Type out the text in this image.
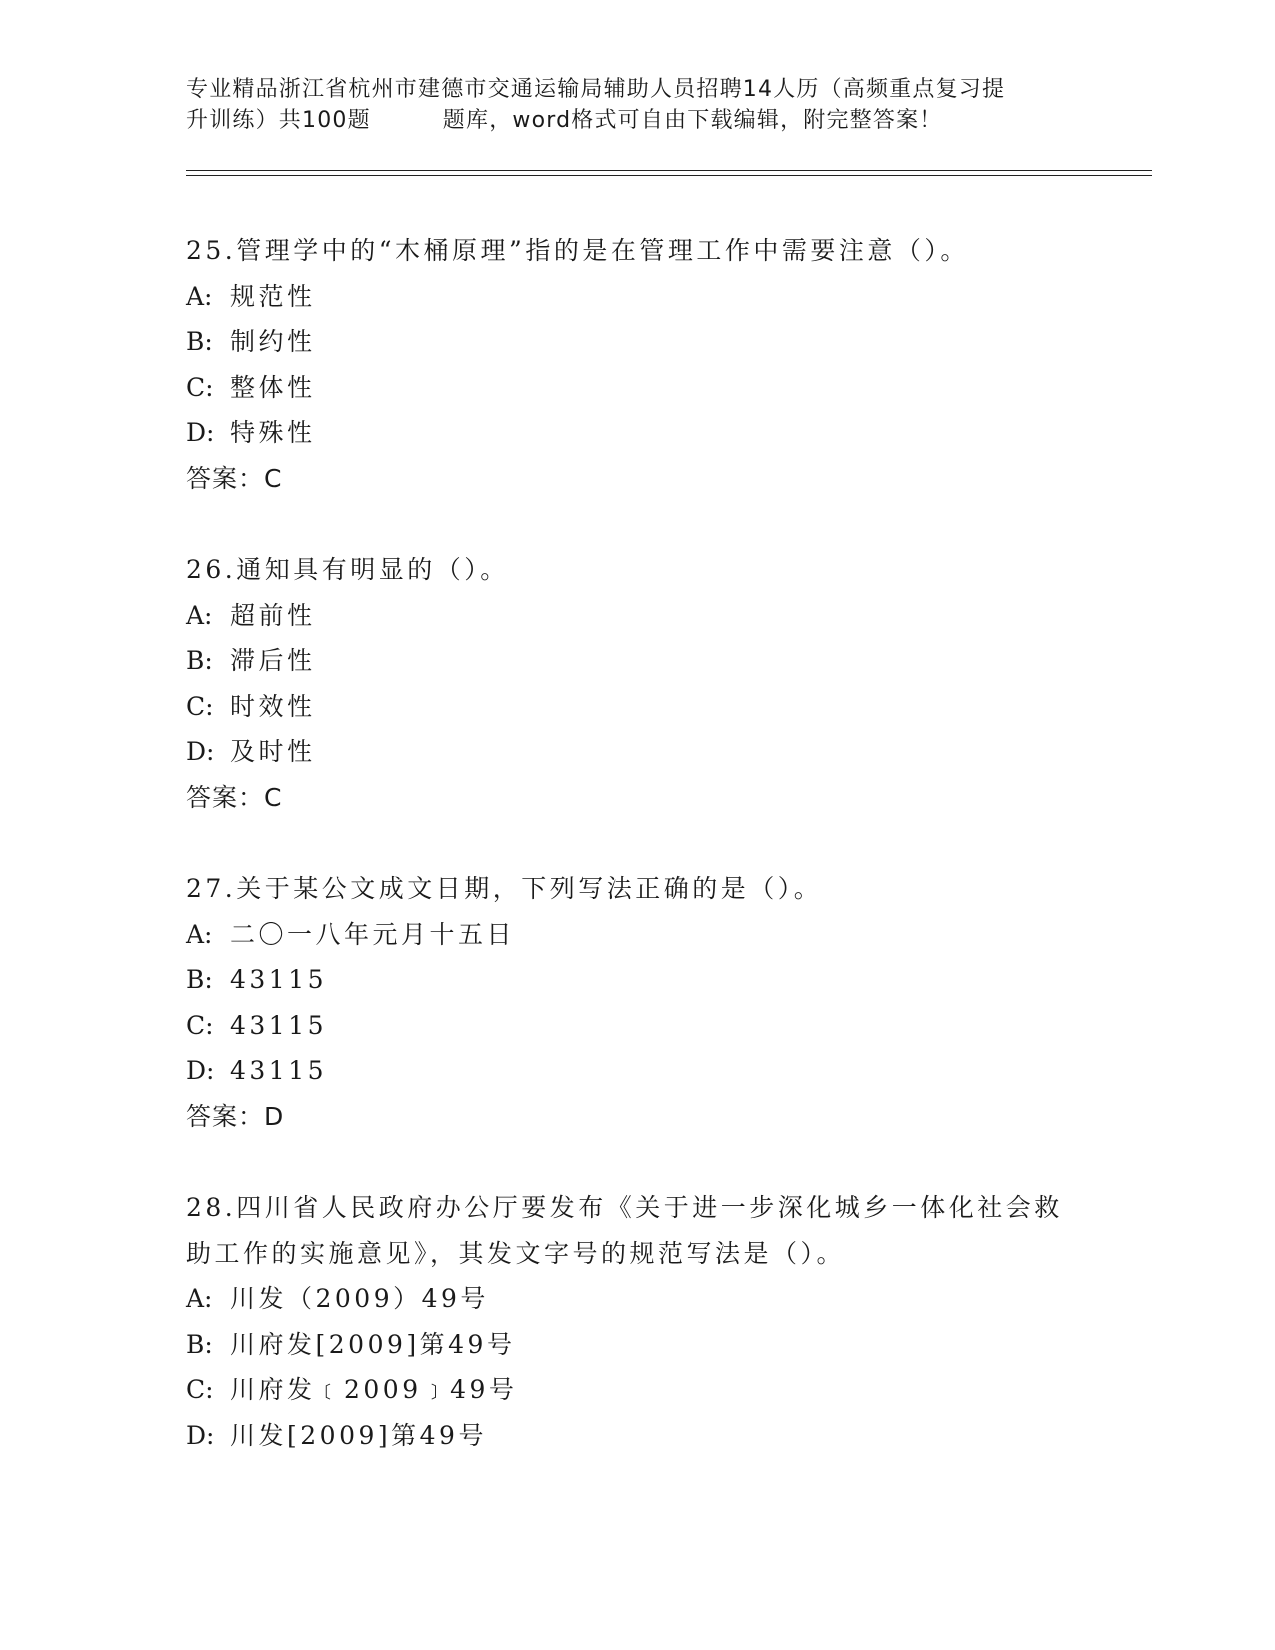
专业精品浙江省杭州市建德市交通运输局辅助人员招聘14人历（高频重点复习提
升训练）共100题	题库，word格式可自由下载编辑，附完整答案！
25.管理学中的“木桶原理”指的是在管理工作中需要注意（）。
A: 规范性
B: 制约性
C: 整体性
D: 特殊性
答案：C
26.通知具有明显的（）。
A: 超前性
B: 滞后性
C: 时效性
D: 及时性
答案：C
27.关于某公文成文日期，下列写法正确的是（）。
A: 二〇一八年元月十五日
B: 43115
C: 43115
D: 43115
答案：D
28.四川省人民政府办公厅要发布《关于进一步深化城乡一体化社会救
助工作的实施意见》，其发文字号的规范写法是（）。
A: 川发（2009）49号
B: 川府发[2009]第49号
C: 川府发﹝2009﹞49号
D: 川发[2009]第49号
